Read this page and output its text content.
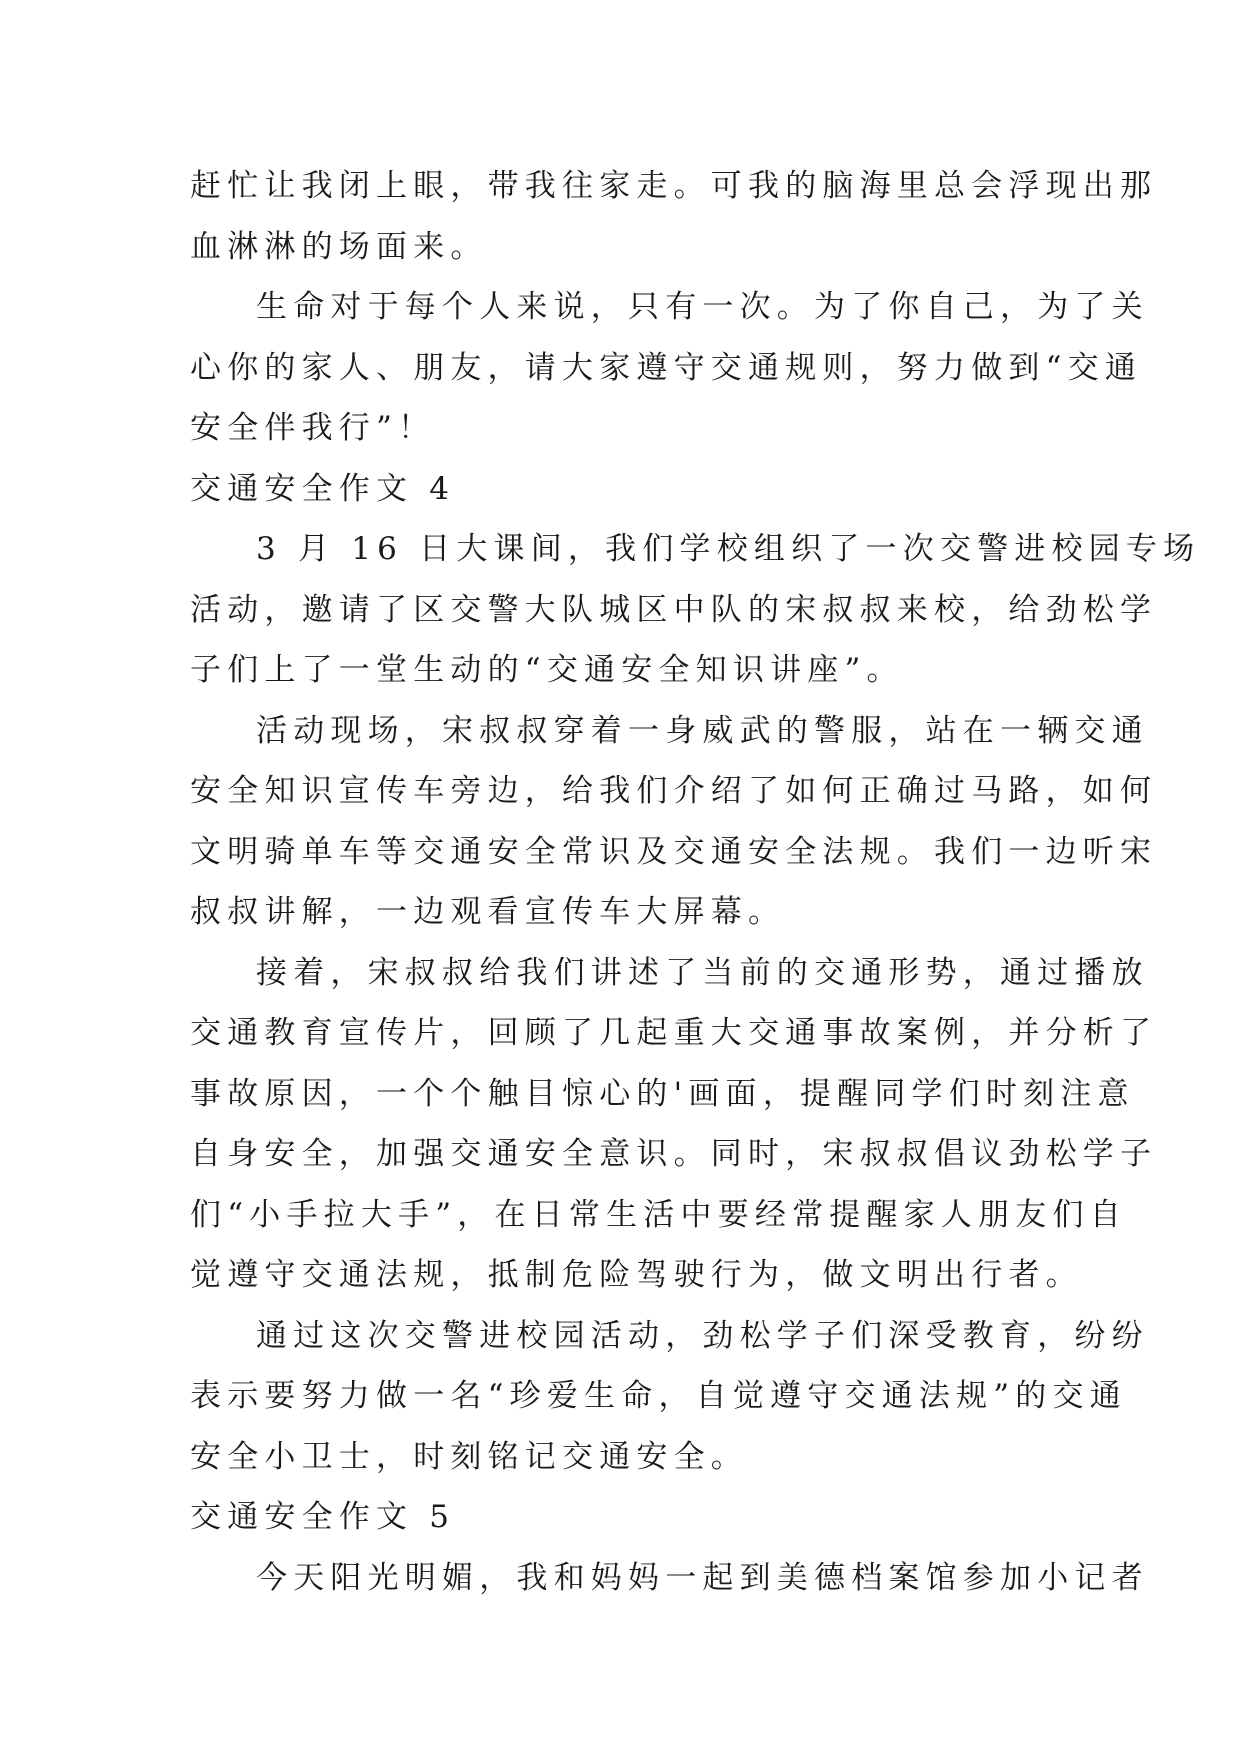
赶忙让我闭上眼，带我往家走。可我的脑海里总会浮现出那
血淋淋的场面来。
生命对于每个人来说，只有一次。为了你自己，为了关
心你的家人、朋友，请大家遵守交通规则，努力做到“交通
安全伴我行”！
交通安全作文 4
3 月 16 日大课间，我们学校组织了一次交警进校园专场
活动，邀请了区交警大队城区中队的宋叔叔来校，给劲松学
子们上了一堂生动的“交通安全知识讲座”。
活动现场，宋叔叔穿着一身威武的警服，站在一辆交通
安全知识宣传车旁边，给我们介绍了如何正确过马路，如何
文明骑单车等交通安全常识及交通安全法规。我们一边听宋
叔叔讲解，一边观看宣传车大屏幕。
接着，宋叔叔给我们讲述了当前的交通形势，通过播放
交通教育宣传片，回顾了几起重大交通事故案例，并分析了
事故原因，一个个触目惊心的'画面，提醒同学们时刻注意
自身安全，加强交通安全意识。同时，宋叔叔倡议劲松学子
们“小手拉大手”，在日常生活中要经常提醒家人朋友们自
觉遵守交通法规，抵制危险驾驶行为，做文明出行者。
通过这次交警进校园活动，劲松学子们深受教育，纷纷
表示要努力做一名“珍爱生命，自觉遵守交通法规”的交通
安全小卫士，时刻铭记交通安全。
交通安全作文 5
今天阳光明媚，我和妈妈一起到美德档案馆参加小记者
